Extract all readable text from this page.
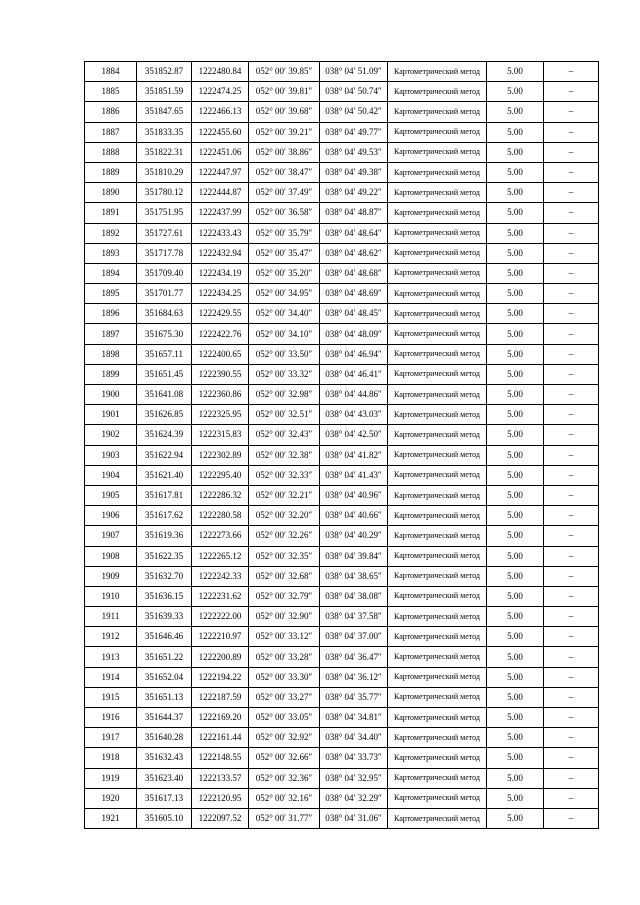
1884	351852.87	1222480.84	052° 00′ 39.85″	038° 04′ 51.09″	Картометрический метод	5.00	–
1885	351851.59	1222474.25	052° 00′ 39.81″	038° 04′ 50.74″	Картометрический метод	5.00	–
1886	351847.65	1222466.13	052° 00′ 39.68″	038° 04′ 50.42″	Картометрический метод	5.00	–
1887	351833.35	1222455.60	052° 00′ 39.21″	038° 04′ 49.77″	Картометрический метод	5.00	–
1888	351822.31	1222451.06	052° 00′ 38.86″	038° 04′ 49.53″	Картометрический метод	5.00	–
1889	351810.29	1222447.97	052° 00′ 38.47″	038° 04′ 49.38″	Картометрический метод	5.00	–
1890	351780.12	1222444.87	052° 00′ 37.49″	038° 04′ 49.22″	Картометрический метод	5.00	–
1891	351751.95	1222437.99	052° 00′ 36.58″	038° 04′ 48.87″	Картометрический метод	5.00	–
1892	351727.61	1222433.43	052° 00′ 35.79″	038° 04′ 48.64″	Картометрический метод	5.00	–
1893	351717.78	1222432.94	052° 00′ 35.47″	038° 04′ 48.62″	Картометрический метод	5.00	–
1894	351709.40	1222434.19	052° 00′ 35.20″	038° 04′ 48.68″	Картометрический метод	5.00	–
1895	351701.77	1222434.25	052° 00′ 34.95″	038° 04′ 48.69″	Картометрический метод	5.00	–
1896	351684.63	1222429.55	052° 00′ 34.40″	038° 04′ 48.45″	Картометрический метод	5.00	–
1897	351675.30	1222422.76	052° 00′ 34.10″	038° 04′ 48.09″	Картометрический метод	5.00	–
1898	351657.11	1222400.65	052° 00′ 33.50″	038° 04′ 46.94″	Картометрический метод	5.00	–
1899	351651.45	1222390.55	052° 00′ 33.32″	038° 04′ 46.41″	Картометрический метод	5.00	–
1900	351641.08	1222360.86	052° 00′ 32.98″	038° 04′ 44.86″	Картометрический метод	5.00	–
1901	351626.85	1222325.95	052° 00′ 32.51″	038° 04′ 43.03″	Картометрический метод	5.00	–
1902	351624.39	1222315.83	052° 00′ 32.43″	038° 04′ 42.50″	Картометрический метод	5.00	–
1903	351622.94	1222302.89	052° 00′ 32.38″	038° 04′ 41.82″	Картометрический метод	5.00	–
1904	351621.40	1222295.40	052° 00′ 32.33″	038° 04′ 41.43″	Картометрический метод	5.00	–
1905	351617.81	1222286.32	052° 00′ 32.21″	038° 04′ 40.96″	Картометрический метод	5.00	–
1906	351617.62	1222280.58	052° 00′ 32.20″	038° 04′ 40.66″	Картометрический метод	5.00	–
1907	351619.36	1222273.66	052° 00′ 32.26″	038° 04′ 40.29″	Картометрический метод	5.00	–
1908	351622.35	1222265.12	052° 00′ 32.35″	038° 04′ 39.84″	Картометрический метод	5.00	–
1909	351632.70	1222242.33	052° 00′ 32.68″	038° 04′ 38.65″	Картометрический метод	5.00	–
1910	351636.15	1222231.62	052° 00′ 32.79″	038° 04′ 38.08″	Картометрический метод	5.00	–
1911	351639.33	1222222.00	052° 00′ 32.90″	038° 04′ 37.58″	Картометрический метод	5.00	–
1912	351646.46	1222210.97	052° 00′ 33.12″	038° 04′ 37.00″	Картометрический метод	5.00	–
1913	351651.22	1222200.89	052° 00′ 33.28″	038° 04′ 36.47″	Картометрический метод	5.00	–
1914	351652.04	1222194.22	052° 00′ 33.30″	038° 04′ 36.12″	Картометрический метод	5.00	–
1915	351651.13	1222187.59	052° 00′ 33.27″	038° 04′ 35.77″	Картометрический метод	5.00	–
1916	351644.37	1222169.20	052° 00′ 33.05″	038° 04′ 34.81″	Картометрический метод	5.00	–
1917	351640.28	1222161.44	052° 00′ 32.92″	038° 04′ 34.40″	Картометрический метод	5.00	–
1918	351632.43	1222148.55	052° 00′ 32.66″	038° 04′ 33.73″	Картометрический метод	5.00	–
1919	351623.40	1222133.57	052° 00′ 32.36″	038° 04′ 32.95″	Картометрический метод	5.00	–
1920	351617.13	1222120.95	052° 00′ 32.16″	038° 04′ 32.29″	Картометрический метод	5.00	–
1921	351605.10	1222097.52	052° 00′ 31.77″	038° 04′ 31.06″	Картометрический метод	5.00	–
